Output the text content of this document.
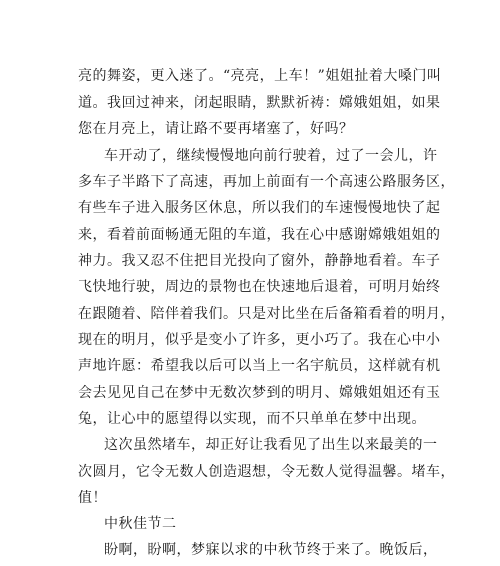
亮的舞姿，更入迷了。“亮亮，上车！”姐姐扯着大嗓门叫
道。我回过神来，闭起眼睛，默默祈祷：嫦娥姐姐，如果
您在月亮上，请让路不要再堵塞了，好吗？
车开动了，继续慢慢地向前行驶着，过了一会儿，许
多车子半路下了高速，再加上前面有一个高速公路服务区，
有些车子进入服务区休息，所以我们的车速慢慢地快了起
来，看着前面畅通无阻的车道，我在心中感谢嫦娥姐姐的
神力。我又忍不住把目光投向了窗外，静静地看着。车子
飞快地行驶，周边的景物也在快速地后退着，可明月始终
在跟随着、陪伴着我们。只是对比坐在后备箱看着的明月，
现在的明月，似乎是变小了许多，更小巧了。我在心中小
声地许愿：希望我以后可以当上一名宇航员，这样就有机
会去见见自己在梦中无数次梦到的明月、嫦娥姐姐还有玉
兔，让心中的愿望得以实现，而不只单单在梦中出现。
这次虽然堵车，却正好让我看见了出生以来最美的一
次圆月，它令无数人创造遐想，令无数人觉得温馨。堵车，
值！
中秋佳节二
盼啊，盼啊，梦寐以求的中秋节终于来了。晚饭后，
